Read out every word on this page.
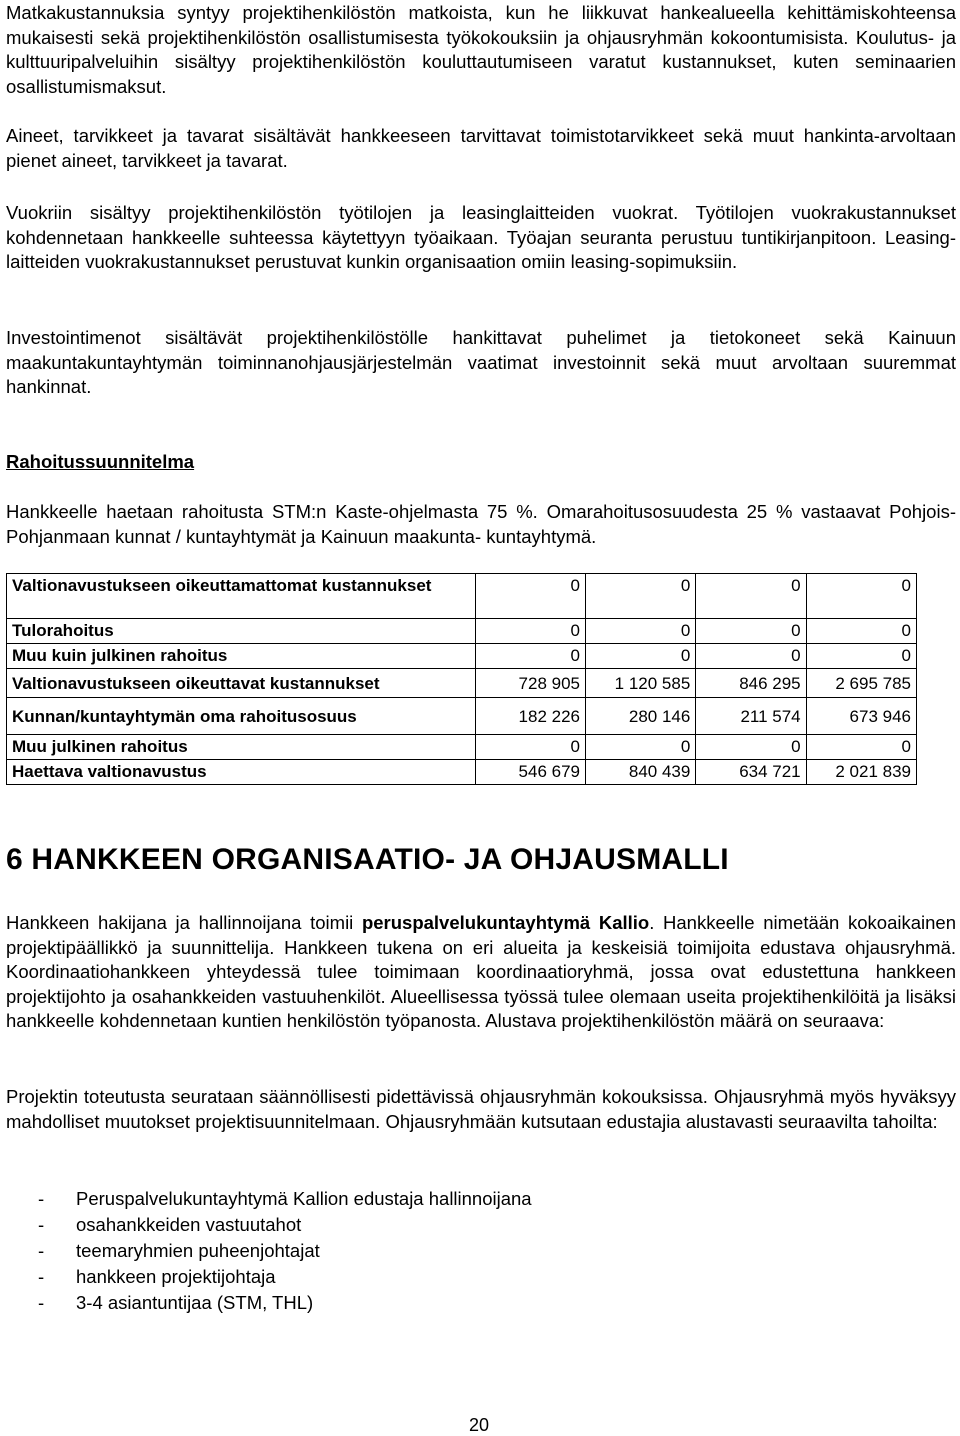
Matkakustannuksia syntyy projektihenkilöstön matkoista, kun he liikkuvat hankealueella kehittämiskohteensa mukaisesti sekä projektihenkilöstön osallistumisesta työkokouksiin ja ohjausryhmän kokoontumisista. Koulutus- ja kulttuuripalveluihin sisältyy projektihenkilöstön kouluttautumiseen varatut kustannukset, kuten seminaarien osallistumismaksut.

Aineet, tarvikkeet ja tavarat sisältävät hankkeeseen tarvittavat toimistotarvikkeet sekä muut hankinta-arvoltaan pienet aineet, tarvikkeet ja tavarat.

Vuokriin sisältyy projektihenkilöstön työtilojen ja leasinglaitteiden vuokrat. Työtilojen vuokrakustannukset kohdennetaan hankkeelle suhteessa käytettyyn työaikaan. Työajan seuranta perustuu tuntikirjanpitoon. Leasing-laitteiden vuokrakustannukset perustuvat kunkin organisaation omiin leasing-sopimuksiin.

Investointimenot sisältävät projektihenkilöstölle hankittavat puhelimet ja tietokoneet sekä Kainuun maakuntakuntayhtymän toiminnanohjausjärjestelmän vaatimat investoinnit sekä muut arvoltaan suuremmat hankinnat.

Rahoitussuunnitelma

Hankkeelle haetaan rahoitusta STM:n Kaste-ohjelmasta 75 %. Omarahoitusosuudesta 25 % vastaavat Pohjois-Pohjanmaan kunnat / kuntayhtymät ja Kainuun maakunta- kuntayhtymä.

Valtionavustukseen oikeuttamattomat kustannukset	0	0	0	0
Tulorahoitus	0	0	0	0
Muu kuin julkinen rahoitus	0	0	0	0
Valtionavustukseen oikeuttavat kustannukset	728 905	1 120 585	846 295	2 695 785
Kunnan/kuntayhtymän oma rahoitusosuus	182 226	280 146	211 574	673 946
Muu julkinen rahoitus	0	0	0	0
Haettava valtionavustus	546 679	840 439	634 721	2 021 839
6 HANKKEEN ORGANISAATIO- JA OHJAUSMALLI

Hankkeen hakijana ja hallinnoijana toimii peruspalvelukuntayhtymä Kallio. Hankkeelle nimetään kokoaikainen projektipäällikkö ja suunnittelija. Hankkeen tukena on eri alueita ja keskeisiä toimijoita edustava ohjausryhmä. Koordinaatiohankkeen yhteydessä tulee toimimaan koordinaatioryhmä, jossa ovat edustettuna hankkeen projektijohto ja osahankkeiden vastuuhenkilöt. Alueellisessa työssä tulee olemaan useita projektihenkilöitä ja lisäksi hankkeelle kohdennetaan kuntien henkilöstön työpanosta. Alustava projektihenkilöstön määrä on seuraava:

Projektin toteutusta seurataan säännöllisesti pidettävissä ohjausryhmän kokouksissa. Ohjausryhmä myös hyväksyy mahdolliset muutokset projektisuunnitelmaan. Ohjausryhmään kutsutaan edustajia alustavasti seuraavilta tahoilta:

- Peruspalvelukuntayhtymä Kallion edustaja hallinnoijana
- osahankkeiden vastuutahot
- teemaryhmien puheenjohtajat
- hankkeen projektijohtaja
- 3-4 asiantuntijaa (STM, THL)
20
